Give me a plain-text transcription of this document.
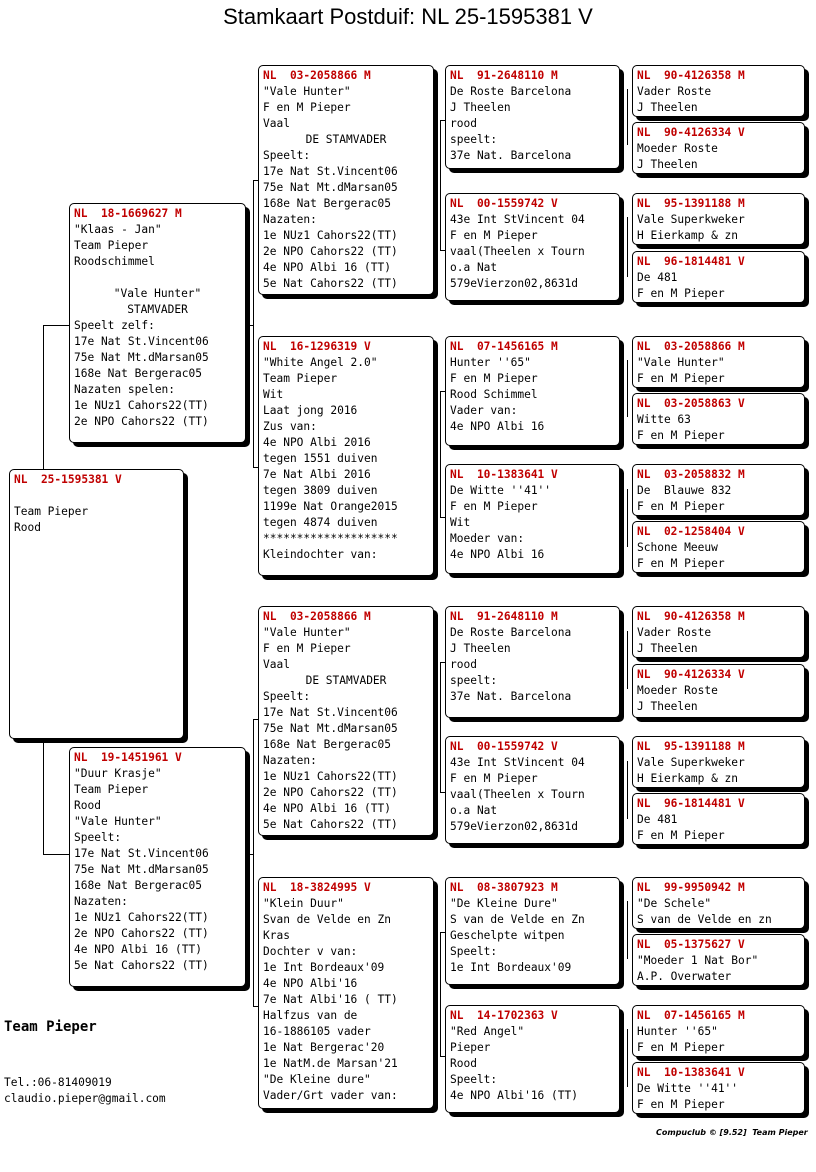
Stamkaart Postduif: NL 25-1595381 V
NL  25-1595381 V

Team Pieper
Rood
NL  18-1669627 M
"Klaas - Jan"
Team Pieper
Roodschimmel

"Vale Hunter"
STAMVADER
Speelt zelf:
17e Nat St.Vincent06
75e Nat Mt.dMarsan05
168e Nat Bergerac05
Nazaten spelen:
1e NUz1 Cahors22(TT)
2e NPO Cahors22 (TT)
NL  19-1451961 V
"Duur Krasje"
Team Pieper
Rood
"Vale Hunter"
Speelt:
17e Nat St.Vincent06
75e Nat Mt.dMarsan05
168e Nat Bergerac05
Nazaten:
1e NUz1 Cahors22(TT)
2e NPO Cahors22 (TT)
4e NPO Albi 16 (TT)
5e Nat Cahors22 (TT)
NL  03-2058866 M
"Vale Hunter"
F en M Pieper
Vaal
DE STAMVADER
Speelt:
17e Nat St.Vincent06
75e Nat Mt.dMarsan05
168e Nat Bergerac05
Nazaten:
1e NUz1 Cahors22(TT)
2e NPO Cahors22 (TT)
4e NPO Albi 16 (TT)
5e Nat Cahors22 (TT)
NL  16-1296319 V
"White Angel 2.0"
Team Pieper
Wit
Laat jong 2016
Zus van:
4e NPO Albi 2016
tegen 1551 duiven
7e Nat Albi 2016
tegen 3809 duiven
1199e Nat Orange2015
tegen 4874 duiven
********************
Kleindochter van:
NL  03-2058866 M
"Vale Hunter"
F en M Pieper
Vaal
DE STAMVADER
Speelt:
17e Nat St.Vincent06
75e Nat Mt.dMarsan05
168e Nat Bergerac05
Nazaten:
1e NUz1 Cahors22(TT)
2e NPO Cahors22 (TT)
4e NPO Albi 16 (TT)
5e Nat Cahors22 (TT)
NL  18-3824995 V
"Klein Duur"
Svan de Velde en Zn
Kras
Dochter v van:
1e Int Bordeaux'09
4e NPO Albi'16
7e Nat Albi'16 ( TT)
Halfzus van de
16-1886105 vader
1e Nat Bergerac'20
1e NatM.de Marsan'21
"De Kleine dure"
Vader/Grt vader van:
NL  91-2648110 M
De Roste Barcelona
J Theelen
rood
speelt:
37e Nat. Barcelona
NL  00-1559742 V
43e Int StVincent 04
F en M Pieper
vaal(Theelen x Tourn
o.a Nat
579eVierzon02,8631d
NL  07-1456165 M
Hunter ''65"
F en M Pieper
Rood Schimmel
Vader van:
4e NPO Albi 16
NL  10-1383641 V
De Witte ''41''
F en M Pieper
Wit
Moeder van:
4e NPO Albi 16
NL  91-2648110 M
De Roste Barcelona
J Theelen
rood
speelt:
37e Nat. Barcelona
NL  00-1559742 V
43e Int StVincent 04
F en M Pieper
vaal(Theelen x Tourn
o.a Nat
579eVierzon02,8631d
NL  08-3807923 M
"De Kleine Dure"
S van de Velde en Zn
Geschelpte witpen
Speelt:
1e Int Bordeaux'09
NL  14-1702363 V
"Red Angel"
Pieper
Rood
Speelt:
4e NPO Albi'16 (TT)
NL  90-4126358 M
Vader Roste
J Theelen
NL  90-4126334 V
Moeder Roste
J Theelen
NL  95-1391188 M
Vale Superkweker
H Eierkamp & zn
NL  96-1814481 V
De 481
F en M Pieper
NL  03-2058866 M
"Vale Hunter"
F en M Pieper
NL  03-2058863 V
Witte 63
F en M Pieper
NL  03-2058832 M
De  Blauwe 832
F en M Pieper
NL  02-1258404 V
Schone Meeuw
F en M Pieper
NL  90-4126358 M
Vader Roste
J Theelen
NL  90-4126334 V
Moeder Roste
J Theelen
NL  95-1391188 M
Vale Superkweker
H Eierkamp & zn
NL  96-1814481 V
De 481
F en M Pieper
NL  99-9950942 M
"De Schele"
S van de Velde en zn
NL  05-1375627 V
"Moeder 1 Nat Bor"
A.P. Overwater
NL  07-1456165 M
Hunter ''65"
F en M Pieper
NL  10-1383641 V
De Witte ''41''
F en M Pieper
Team Pieper
Tel.:06-81409019
claudio.pieper@gmail.com
Compuclub © [9.52]  Team Pieper
